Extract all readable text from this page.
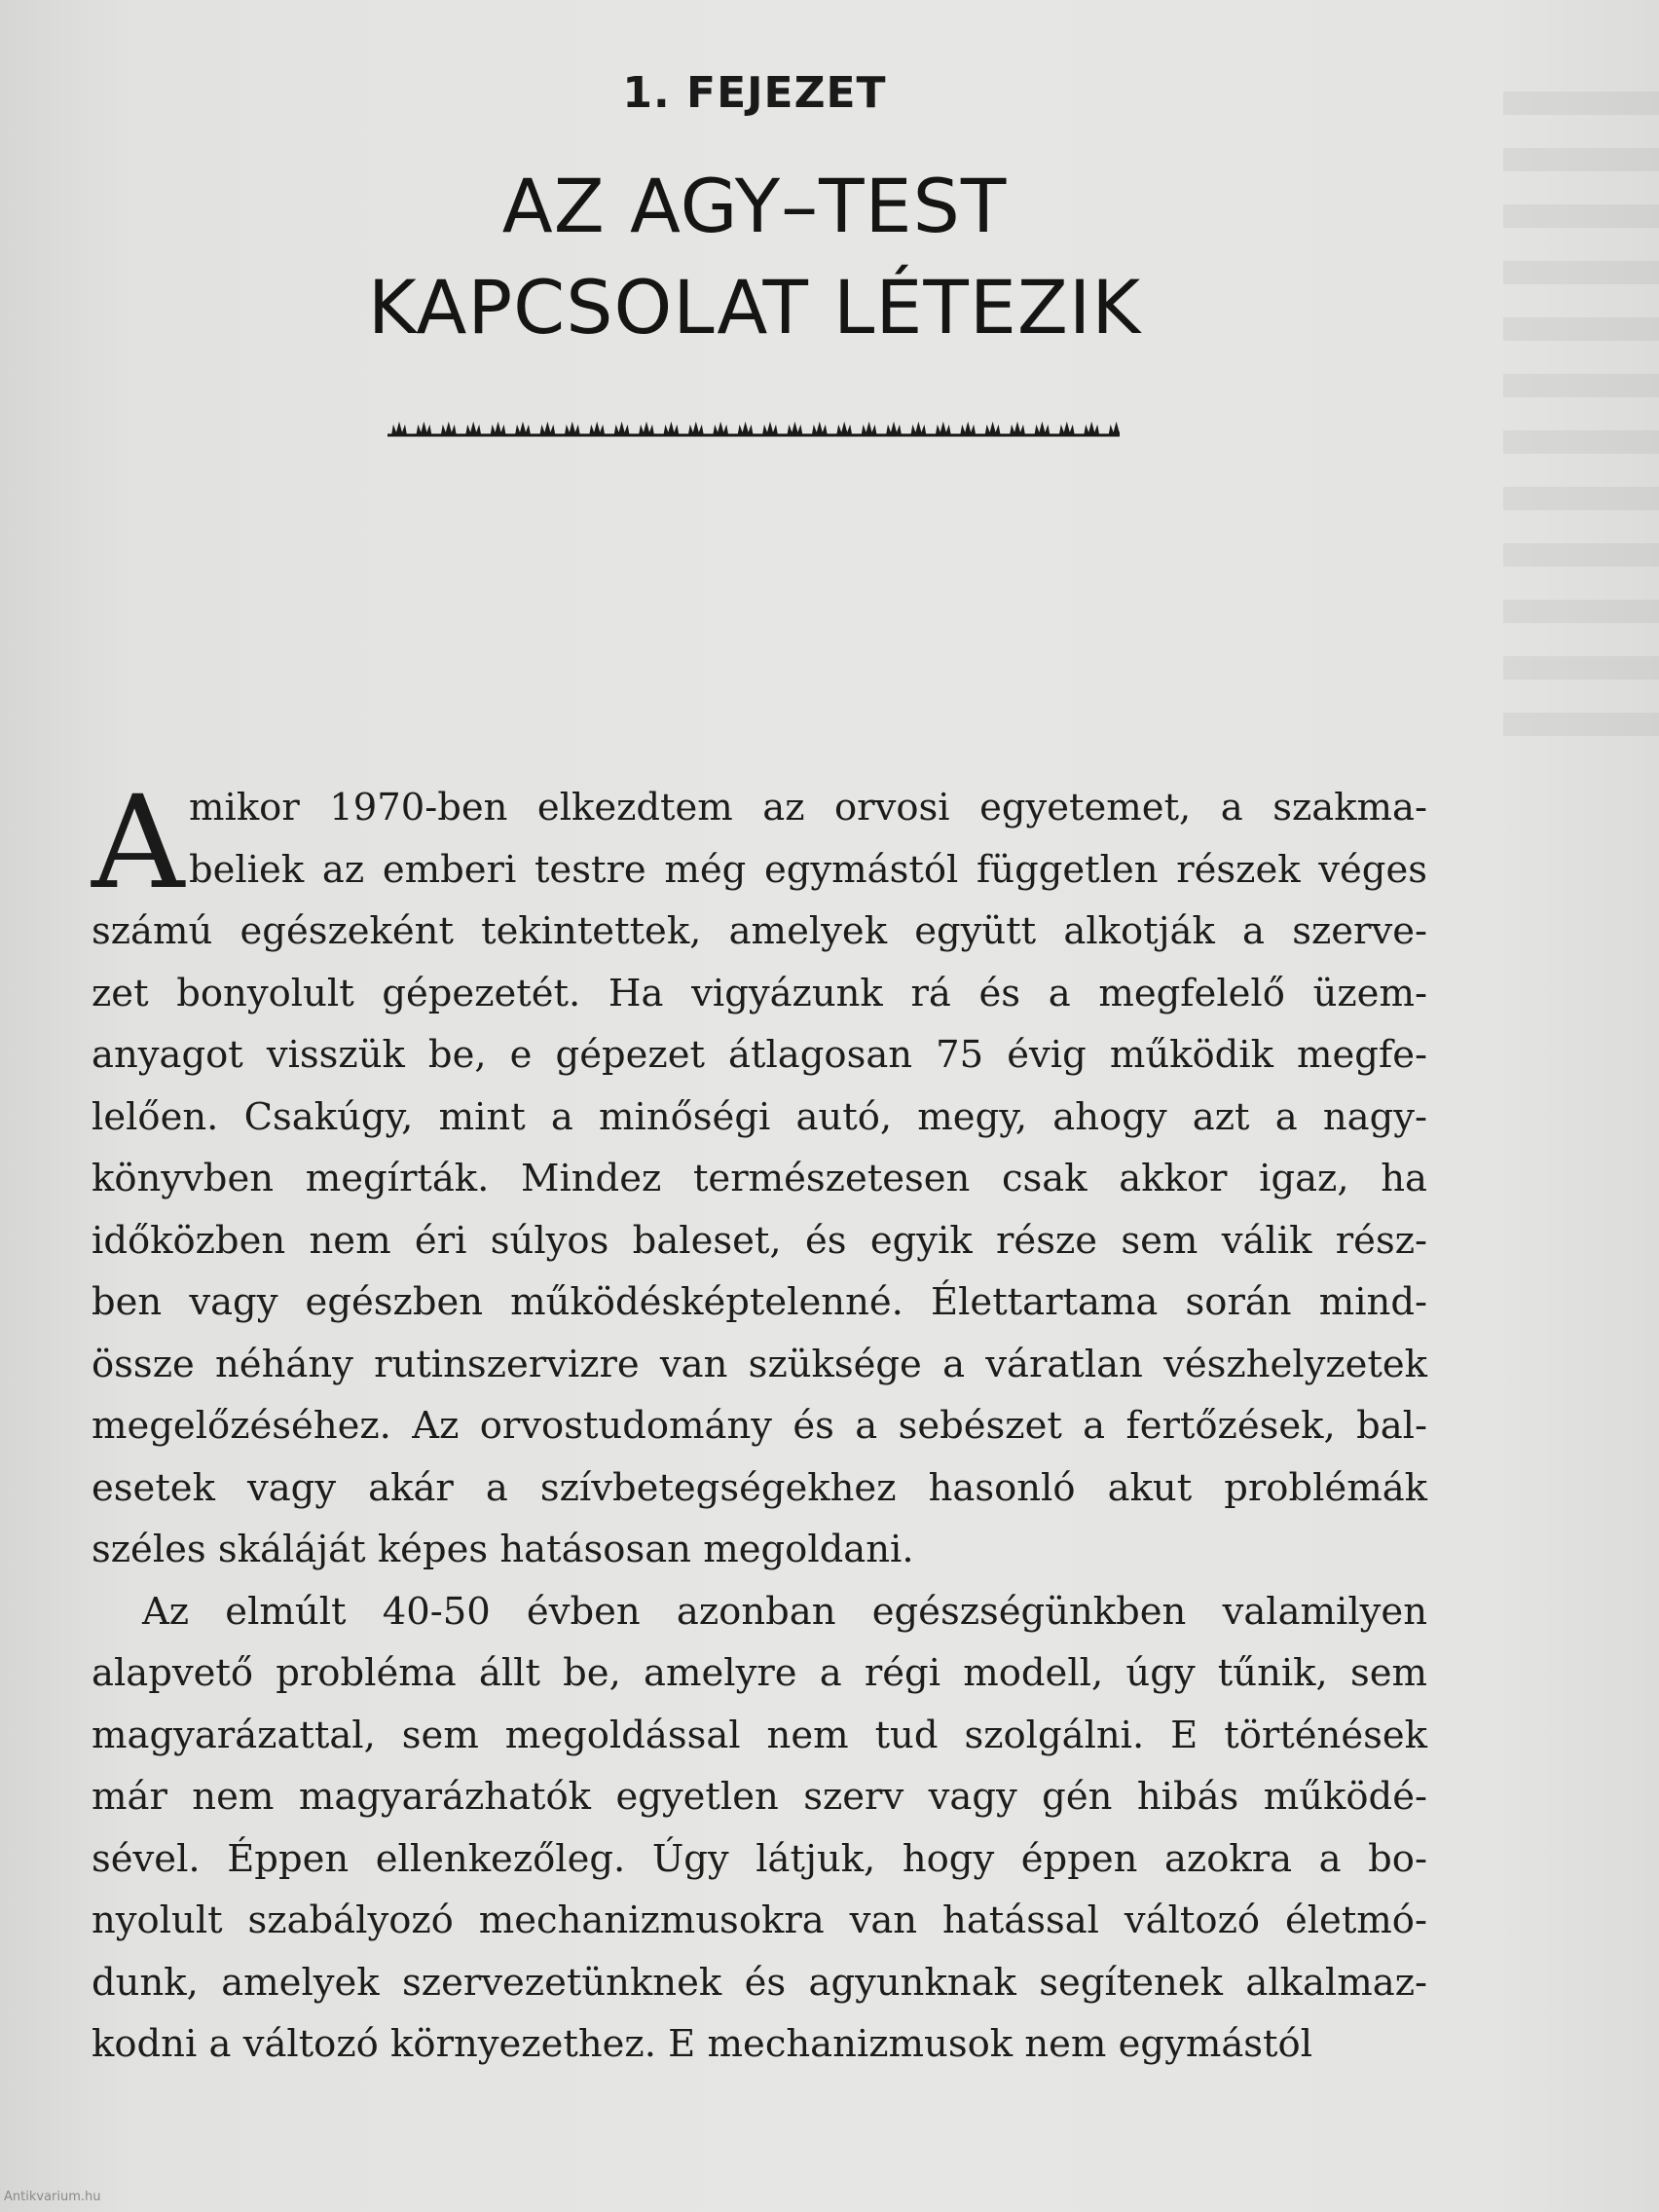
1. FEJEZET
AZ AGY–TEST
KAPCSOLAT LÉTEZIK
A mikor 1970-ben elkezdtem az orvosi egyetemet, a szakma-
beliek az emberi testre még egymástól független részek véges
számú egészeként tekintettek, amelyek együtt alkotják a szerve-
zet bonyolult gépezetét. Ha vigyázunk rá és a megfelelő üzem-
anyagot visszük be, e gépezet átlagosan 75 évig működik megfe-
lelően. Csakúgy, mint a minőségi autó, megy, ahogy azt a nagy-
könyvben megírták. Mindez természetesen csak akkor igaz, ha
időközben nem éri súlyos baleset, és egyik része sem válik rész-
ben vagy egészben működésképtelenné. Élettartama során mind-
össze néhány rutinszervizre van szüksége a váratlan vészhelyzetek
megelőzéséhez. Az orvostudomány és a sebészet a fertőzések, bal-
esetek vagy akár a szívbetegségekhez hasonló akut problémák
széles skáláját képes hatásosan megoldani.
Az elmúlt 40-50 évben azonban egészségünkben valamilyen
alapvető probléma állt be, amelyre a régi modell, úgy tűnik, sem
magyarázattal, sem megoldással nem tud szolgálni. E történések
már nem magyarázhatók egyetlen szerv vagy gén hibás működé-
sével. Éppen ellenkezőleg. Úgy látjuk, hogy éppen azokra a bo-
nyolult szabályozó mechanizmusokra van hatással változó életmó-
dunk, amelyek szervezetünknek és agyunknak segítenek alkalmaz-
kodni a változó környezethez. E mechanizmusok nem egymástól
Antikvarium.hu
